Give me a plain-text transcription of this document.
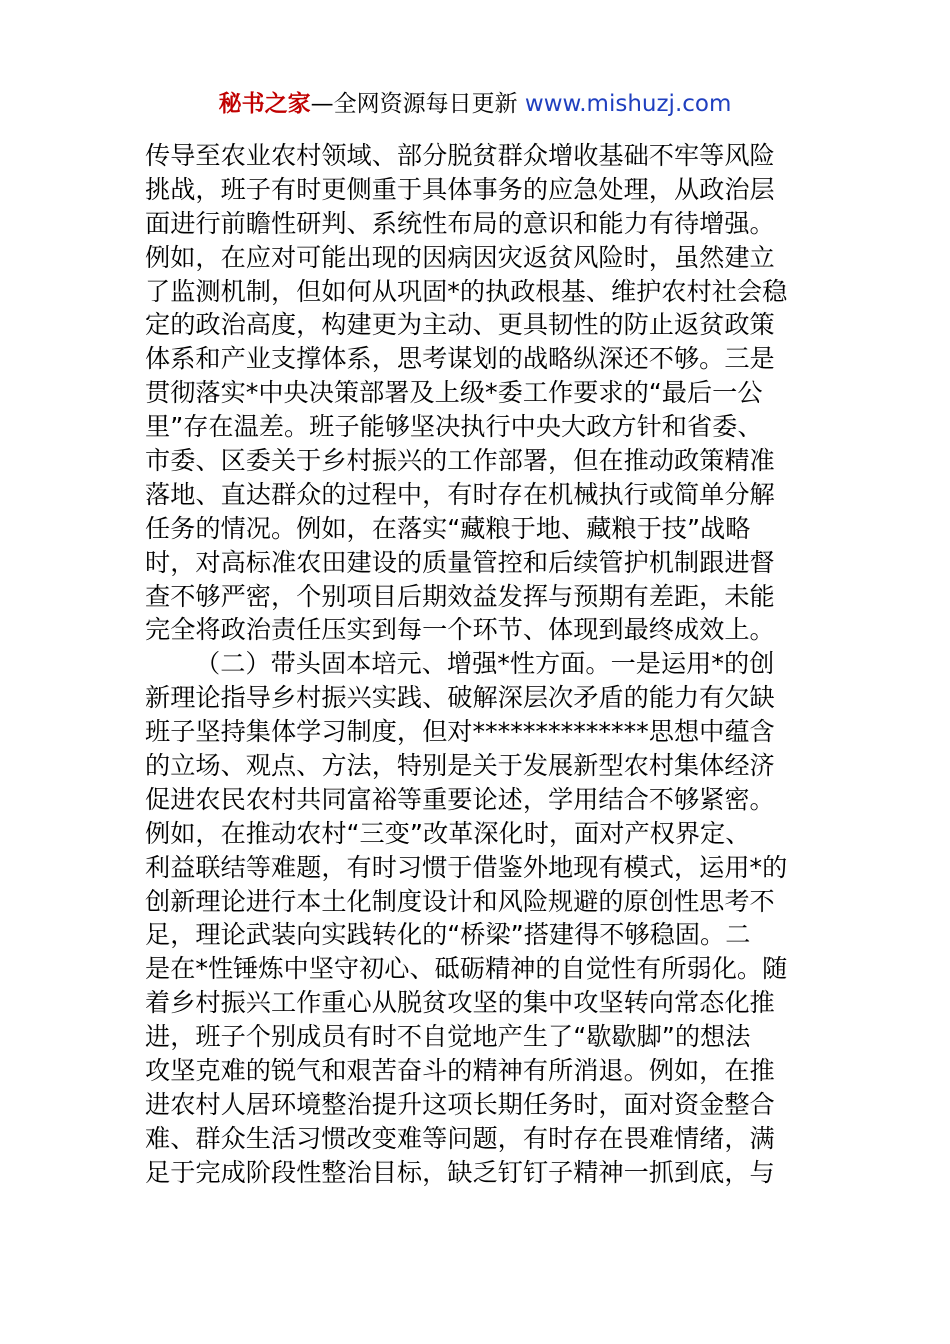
秘书之家—全网资源每日更新 www.mishuzj.com
传导至农业农村领域、部分脱贫群众增收基础不牢等风险
挑战，班子有时更侧重于具体事务的应急处理，从政治层
面进行前瞻性研判、系统性布局的意识和能力有待增强。
例如，在应对可能出现的因病因灾返贫风险时，虽然建立
了监测机制，但如何从巩固*的执政根基、维护农村社会稳
定的政治高度，构建更为主动、更具韧性的防止返贫政策
体系和产业支撑体系，思考谋划的战略纵深还不够。三是
贯彻落实*中央决策部署及上级*委工作要求的“最后一公
里”存在温差。班子能够坚决执行中央大政方针和省委、
市委、区委关于乡村振兴的工作部署，但在推动政策精准
落地、直达群众的过程中，有时存在机械执行或简单分解
任务的情况。例如，在落实“藏粮于地、藏粮于技”战略
时，对高标准农田建设的质量管控和后续管护机制跟进督
查不够严密，个别项目后期效益发挥与预期有差距，未能
完全将政治责任压实到每一个环节、体现到最终成效上。
（二）带头固本培元、增强*性方面。一是运用*的创
新理论指导乡村振兴实践、破解深层次矛盾的能力有欠缺
班子坚持集体学习制度，但对**************思想中蕴含
的立场、观点、方法，特别是关于发展新型农村集体经济
促进农民农村共同富裕等重要论述，学用结合不够紧密。
例如，在推动农村“三变”改革深化时，面对产权界定、
利益联结等难题，有时习惯于借鉴外地现有模式，运用*的
创新理论进行本土化制度设计和风险规避的原创性思考不
足，理论武装向实践转化的“桥梁”搭建得不够稳固。二
是在*性锤炼中坚守初心、砥砺精神的自觉性有所弱化。随
着乡村振兴工作重心从脱贫攻坚的集中攻坚转向常态化推
进，班子个别成员有时不自觉地产生了“歇歇脚”的想法
攻坚克难的锐气和艰苦奋斗的精神有所消退。例如，在推
进农村人居环境整治提升这项长期任务时，面对资金整合
难、群众生活习惯改变难等问题，有时存在畏难情绪，满
足于完成阶段性整治目标，缺乏钉钉子精神一抓到底，与
